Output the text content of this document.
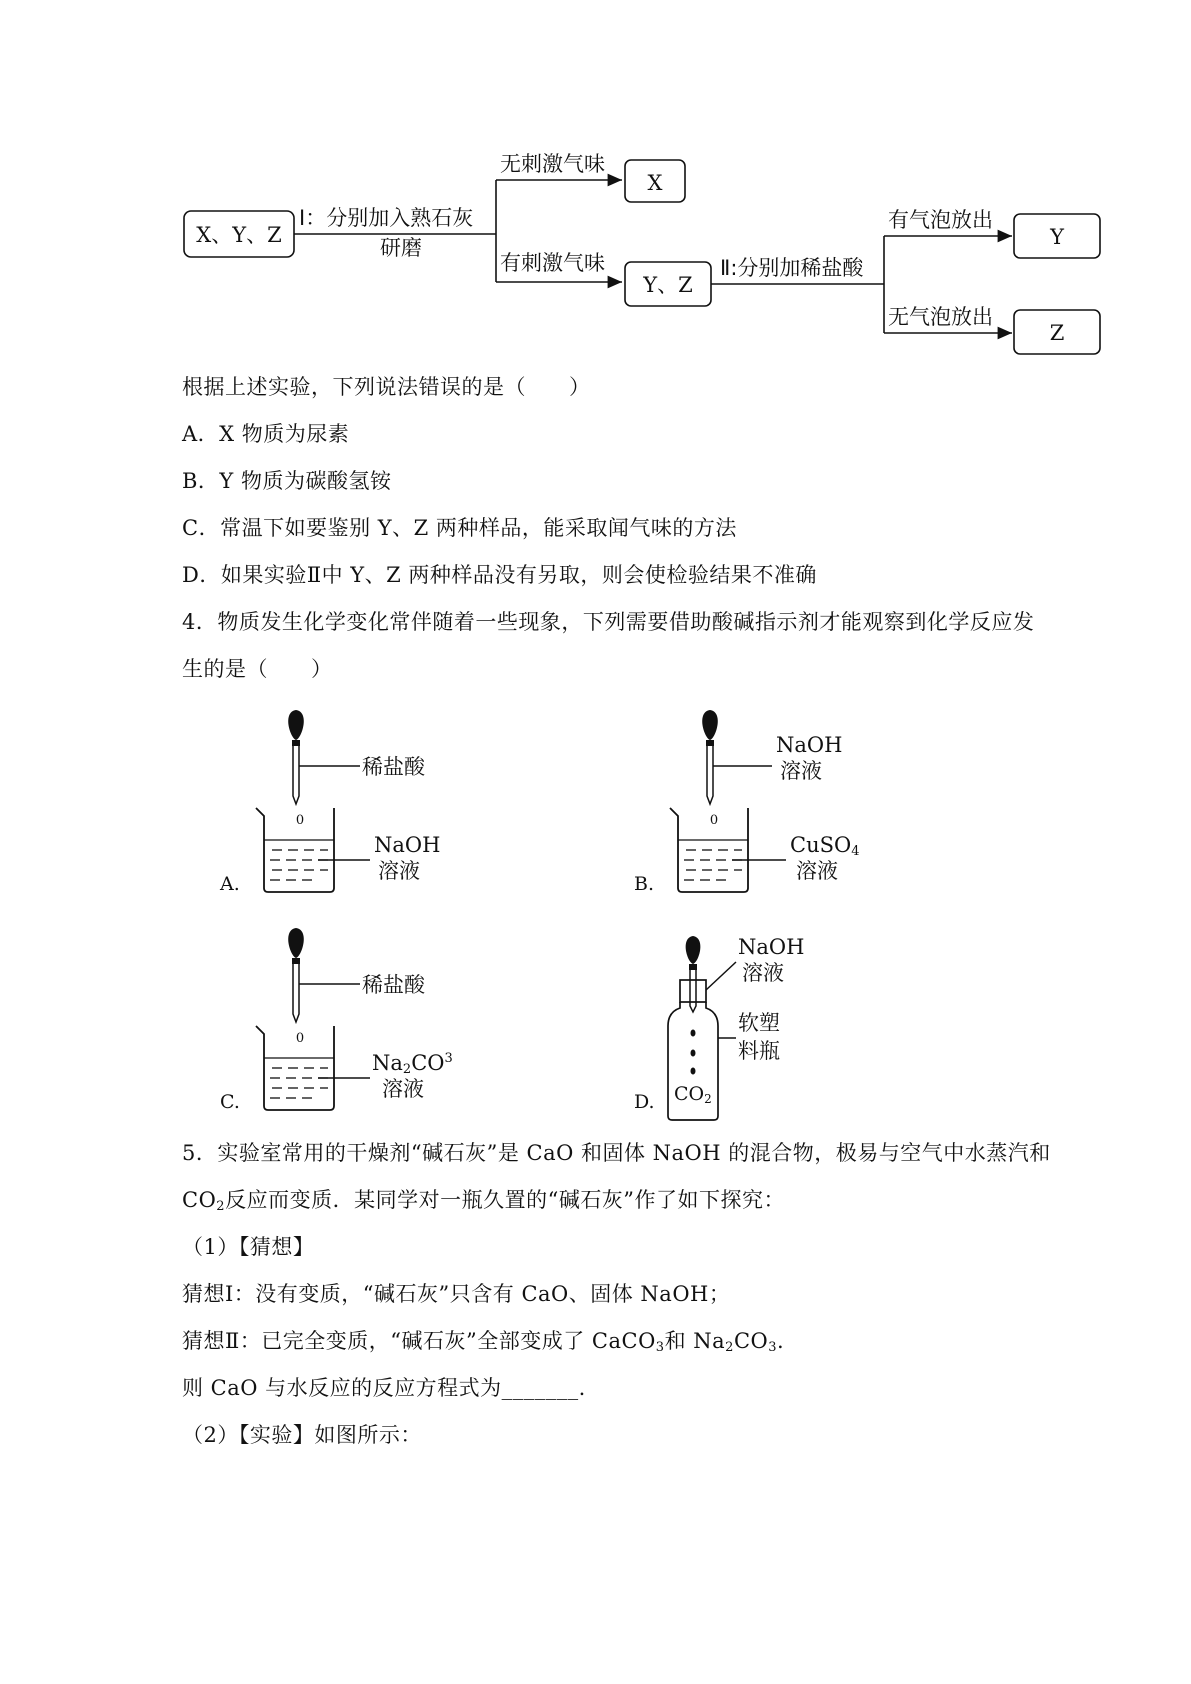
X、Y、Z
Ⅰ：分别加入熟石灰
研磨
无刺激气味
X
有刺激气味
Y、Z
Ⅱ:分别加稀盐酸
有气泡放出
Y
无气泡放出
Z
根据上述实验，下列说法错误的是（　　）
A．X 物质为尿素
B．Y 物质为碳酸氢铵
C．常温下如要鉴别 Y、Z 两种样品，能采取闻气味的方法
D．如果实验Ⅱ中 Y、Z 两种样品没有另取，则会使检验结果不准确
4．物质发生化学变化常伴随着一些现象，下列需要借助酸碱指示剂才能观察到化学反应发
生的是（　　）
稀盐酸
0
NaOH
溶液
A.
NaOH
溶液
0
CuSO4
溶液
B.
稀盐酸
0
$Na2CO^3$
溶液
C.
NaOH
溶液
软塑
料瓶
CO2
D.
5．实验室常用的干燥剂“碱石灰”是 CaO 和固体 NaOH 的混合物，极易与空气中水蒸汽和
$CO_2$反应而变质．某同学对一瓶久置的“碱石灰”作了如下探究：
（1）【猜想】
猜想Ⅰ：没有变质，“碱石灰”只含有 CaO、固体 NaOH；
猜想Ⅱ：已完全变质，“碱石灰”全部变成了 CaCO$_3$和 $Na_2CO_3$.
则 CaO 与水反应的反应方程式为_______.
（2）【实验】如图所示：
